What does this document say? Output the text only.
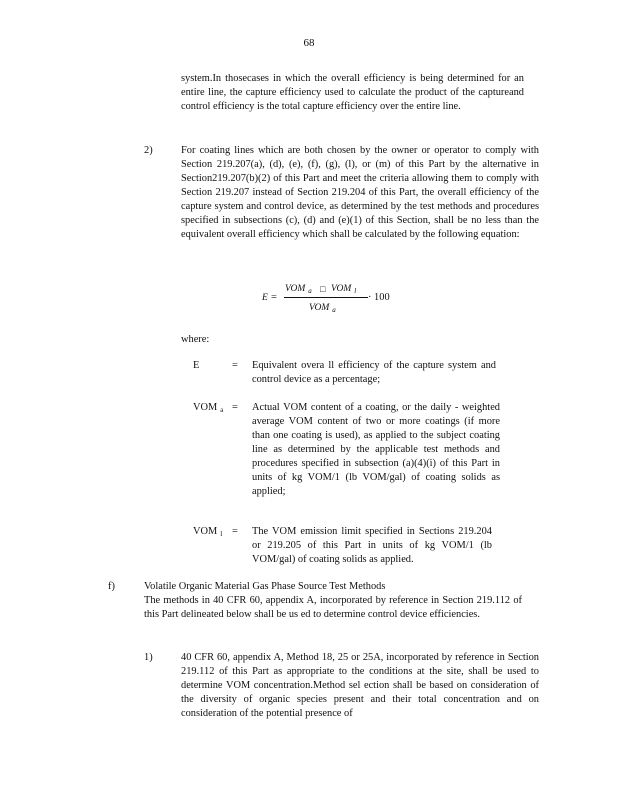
68
system.In thosecases in which the overall efficiency is being determined for an entire line, the capture efficiency used to calculate the product of the captureand control efficiency is the total capture efficiency over the entire line.
2)	For coating lines which are both chosen by the owner or operator to comply with Section 219.207(a), (d), (e), (f), (g), (l), or (m) of this Part by the alternative in Section219.207(b)(2) of this Part and meet the criteria allowing them to comply with Section 219.207 instead of Section 219.204 of this Part, the overall efficiency of the capture system and control device, as determined by the test methods and procedures specified in subsections (c), (d) and (e)(1) of this Section, shall be no less than the equivalent overall efficiency which shall be calculated by the following equation:
E =
VOM $_a$ □ VOM $_l$
VOM $_a$
· 100
where:
E	= Equivalent overa ll efficiency of the capture system and control device as a percentage;
VOM $_a$ = Actual VOM content of a coating, or the daily - weighted average VOM content of two or more coatings (if more than one coating is used), as applied to the subject coating line as determined by the applicable test methods and procedures specified in subsection (a)(4)(i) of this Part in units of kg VOM/1 (lb VOM/gal) of coating solids as applied;
VOM $_l$ = The VOM emission limit specified in Sections 219.204 or 219.205 of this Part in units of kg VOM/1 (lb VOM/gal) of coating solids as applied.
f)	Volatile Organic Material Gas Phase Source Test Methods
The methods in 40 CFR 60, appendix A, incorporated by reference in Section 219.112 of this Part delineated below shall be us ed to determine control device efficiencies.
1)	40 CFR 60, appendix A, Method 18, 25 or 25A, incorporated by reference in Section 219.112 of this Part as appropriate to the conditions at the site, shall be used to determine VOM concentration.Method sel ection shall be based on consideration of the diversity of organic species present and their total concentration and on consideration of the potential presence of
